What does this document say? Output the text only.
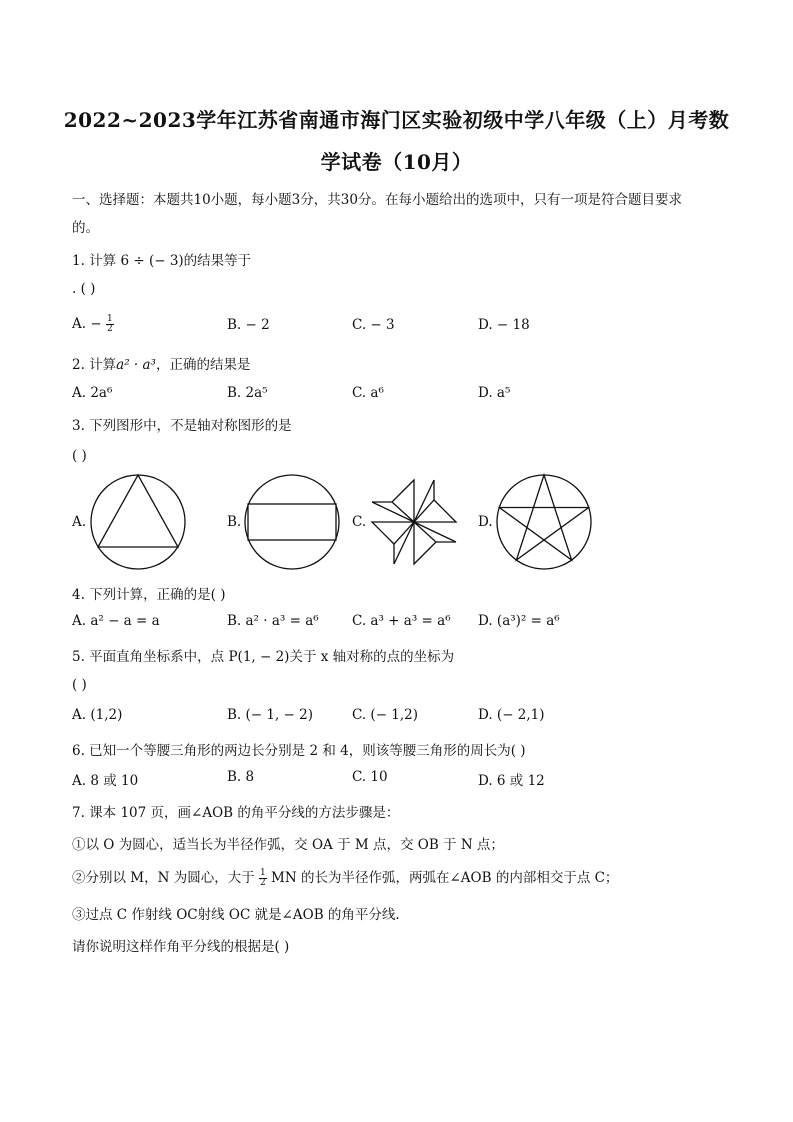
2022~2023学年江苏省南通市海门区实验初级中学八年级（上）月考数
学试卷（10月）
一、选择题：本题共10小题，每小题3分，共30分。在每小题给出的选项中，只有一项是符合题目要求
的。
1. 计算 6 ÷ (− 3)的结果等于
. ( )
A. − $\frac{1}{2}$	B. − 2	C. − 3	D. − 18
2. 计算a² · a³，正确的结果是
A. 2a⁶	B. 2a⁵	C. a⁶	D. a⁵
3. 下列图形中，不是轴对称图形的是
( )
A.	B.	C.	D.
4. 下列计算，正确的是( )
A. a² − a = a	B. a² · a³ = a⁶ C. a³ + a³ = a⁶ D. (a³)² = a⁶
5. 平面直角坐标系中，点 P(1, − 2)关于 x 轴对称的点的坐标为
( )
A. (1,2)	B. (− 1, − 2)	C. (− 1,2)	D. (− 2,1)
6. 已知一个等腰三角形的两边长分别是 2 和 4，则该等腰三角形的周长为( )
A. 8 或 10	B. 8	C. 10	D. 6 或 12
7. 课本 107 页，画∠AOB 的角平分线的方法步骤是：
①以 O 为圆心，适当长为半径作弧，交 OA 于 M 点，交 OB 于 N 点；
②分别以 M，N 为圆心，大于 $\frac{1}{2}$ MN 的长为半径作弧，两弧在∠AOB 的内部相交于点 C；
③过点 C 作射线 OC射线 OC 就是∠AOB 的角平分线.
请你说明这样作角平分线的根据是( )
